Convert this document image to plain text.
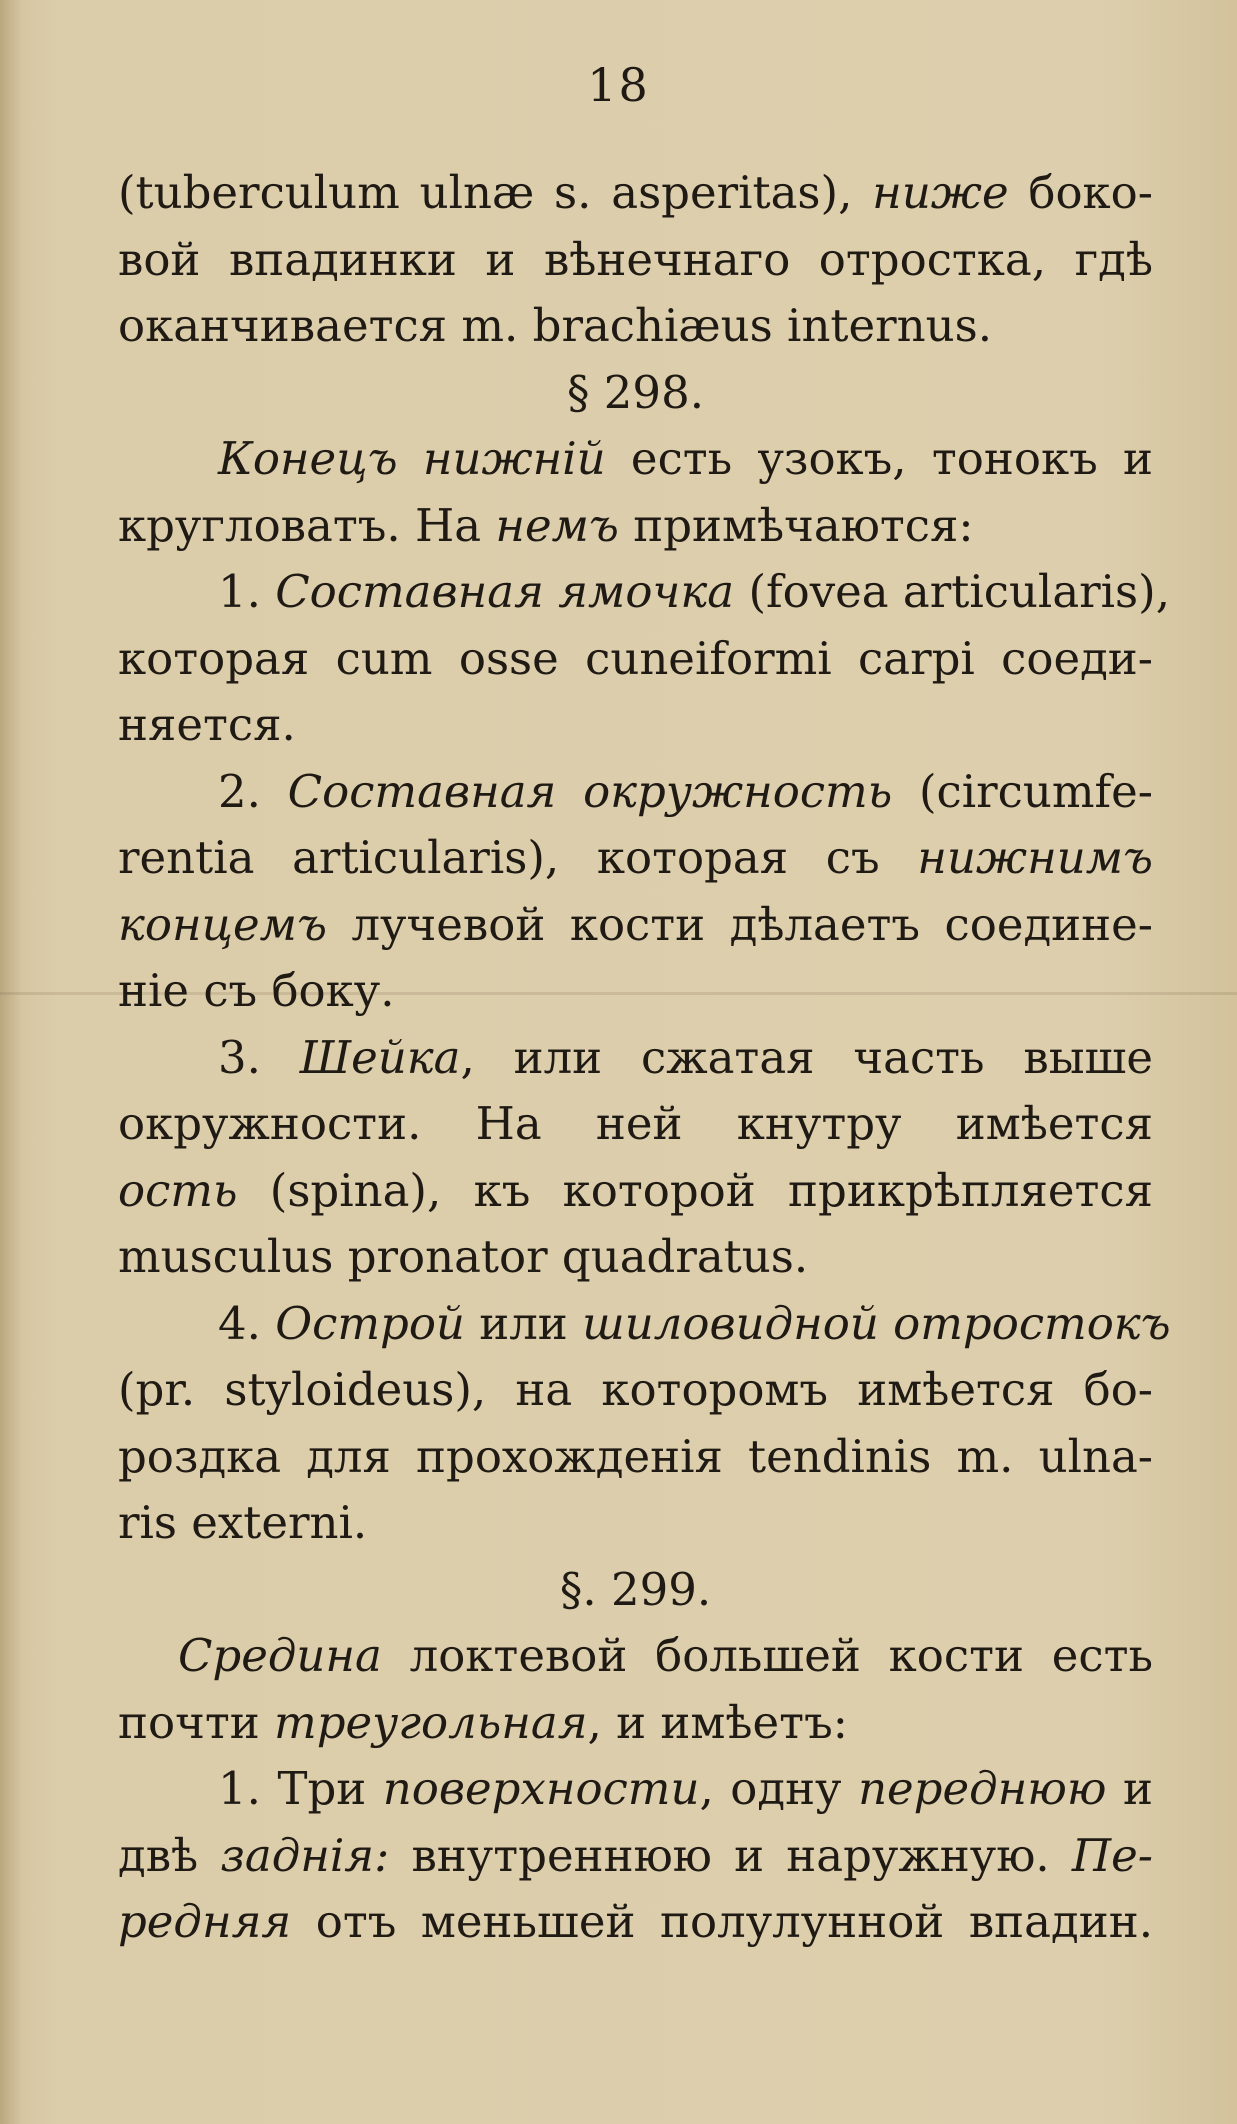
18
(tuberculum ulnæ s. asperitas), ниже боко-
вой впадинки и вѣнечнаго отростка, гдѣ
оканчивается m. brachiæus internus.
§ 298.
Конецъ нижній есть узокъ, тонокъ и
кругловатъ. На немъ примѣчаются:
1. Составная ямочка (fovea articularis),
которая cum osse cuneiformi carpi соеди-
няется.
2. Составная окружность (circumfe-
rentia articularis), которая съ нижнимъ
концемъ лучевой кости дѣлаетъ соедине-
ніе съ боку.
3. Шейка, или сжатая часть выше
окружности. На ней кнутру имѣется
ость (spina), къ которой прикрѣпляется
musculus pronator quadratus.
4. Острой или шиловидной отростокъ
(pr. styloideus), на которомъ имѣется бо-
роздка для прохожденія tendinis m. ulna-
ris externi.
§. 299.
Средина локтевой большей кости есть
почти треугольная, и имѣетъ:
1. Три поверхности, одну переднюю и
двѣ заднія: внутреннюю и наружную. Пе-
редняя отъ меньшей полулунной впадин.
